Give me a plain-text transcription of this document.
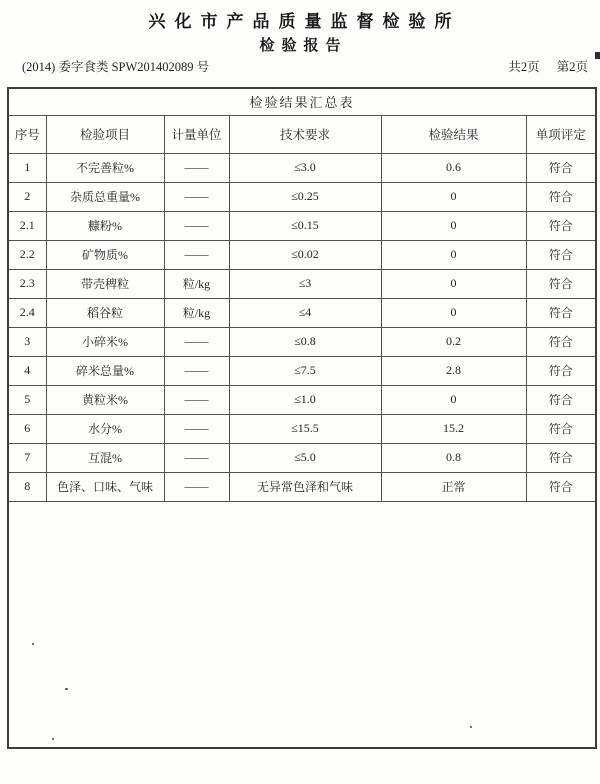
兴化市产品质量监督检验所
检验报告
(2014) 委字食类 SPW201402089 号	共2页 第2页
检验结果汇总表					
序号	检验项目	计量单位	技术要求	检验结果	单项评定
1	不完善粒%	——	≤3.0	0.6	符合
2	杂质总重量%	——	≤0.25	0	符合
2.1	糠粉%	——	≤0.15	0	符合
2.2	矿物质%	——	≤0.02	0	符合
2.3	带壳稗粒	粒/kg	≤3	0	符合
2.4	稻谷粒	粒/kg	≤4	0	符合
3	小碎米%	——	≤0.8	0.2	符合
4	碎米总量%	——	≤7.5	2.8	符合
5	黄粒米%	——	≤1.0	0	符合
6	水分%	——	≤15.5	15.2	符合
7	互混%	——	≤5.0	0.8	符合
8	色泽、口味、气味	——	无异常色泽和气味	正常	符合
